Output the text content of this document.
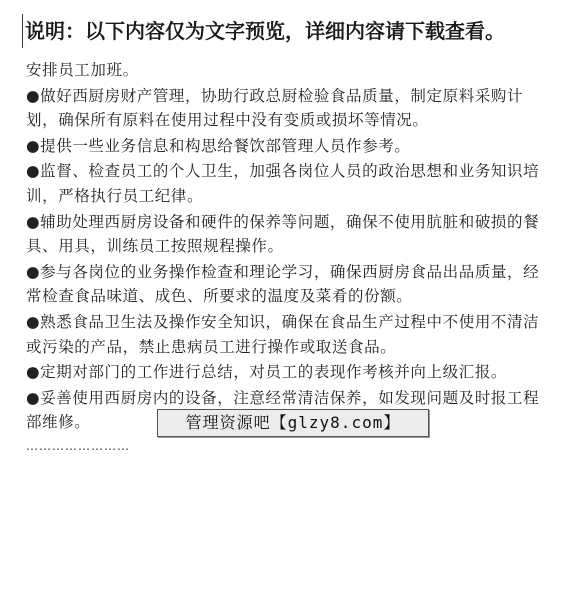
说明：以下内容仅为文字预览，详细内容请下载查看。

安排员工加班。

●做好西厨房财产管理，协助行政总厨检验食品质量，制定原料采购计划，确保所有原料在使用过程中没有变质或损坏等情况。

●提供一些业务信息和构思给餐饮部管理人员作参考。

●监督、检查员工的个人卫生，加强各岗位人员的政治思想和业务知识培训，严格执行员工纪律。

●辅助处理西厨房设备和硬件的保养等问题，确保不使用肮脏和破损的餐具、用具，训练员工按照规程操作。

●参与各岗位的业务操作检查和理论学习，确保西厨房食品出品质量，经常检查食品味道、成色、所要求的温度及菜肴的份额。

●熟悉食品卫生法及操作安全知识，确保在食品生产过程中不使用不清洁或污染的产品，禁止患病员工进行操作或取送食品。

●定期对部门的工作进行总结，对员工的表现作考核并向上级汇报。

●妥善使用西厨房内的设备，注意经常清洁保养，如发现问题及时报工程部维修。

……………………

管理资源吧【glzy8.com】
